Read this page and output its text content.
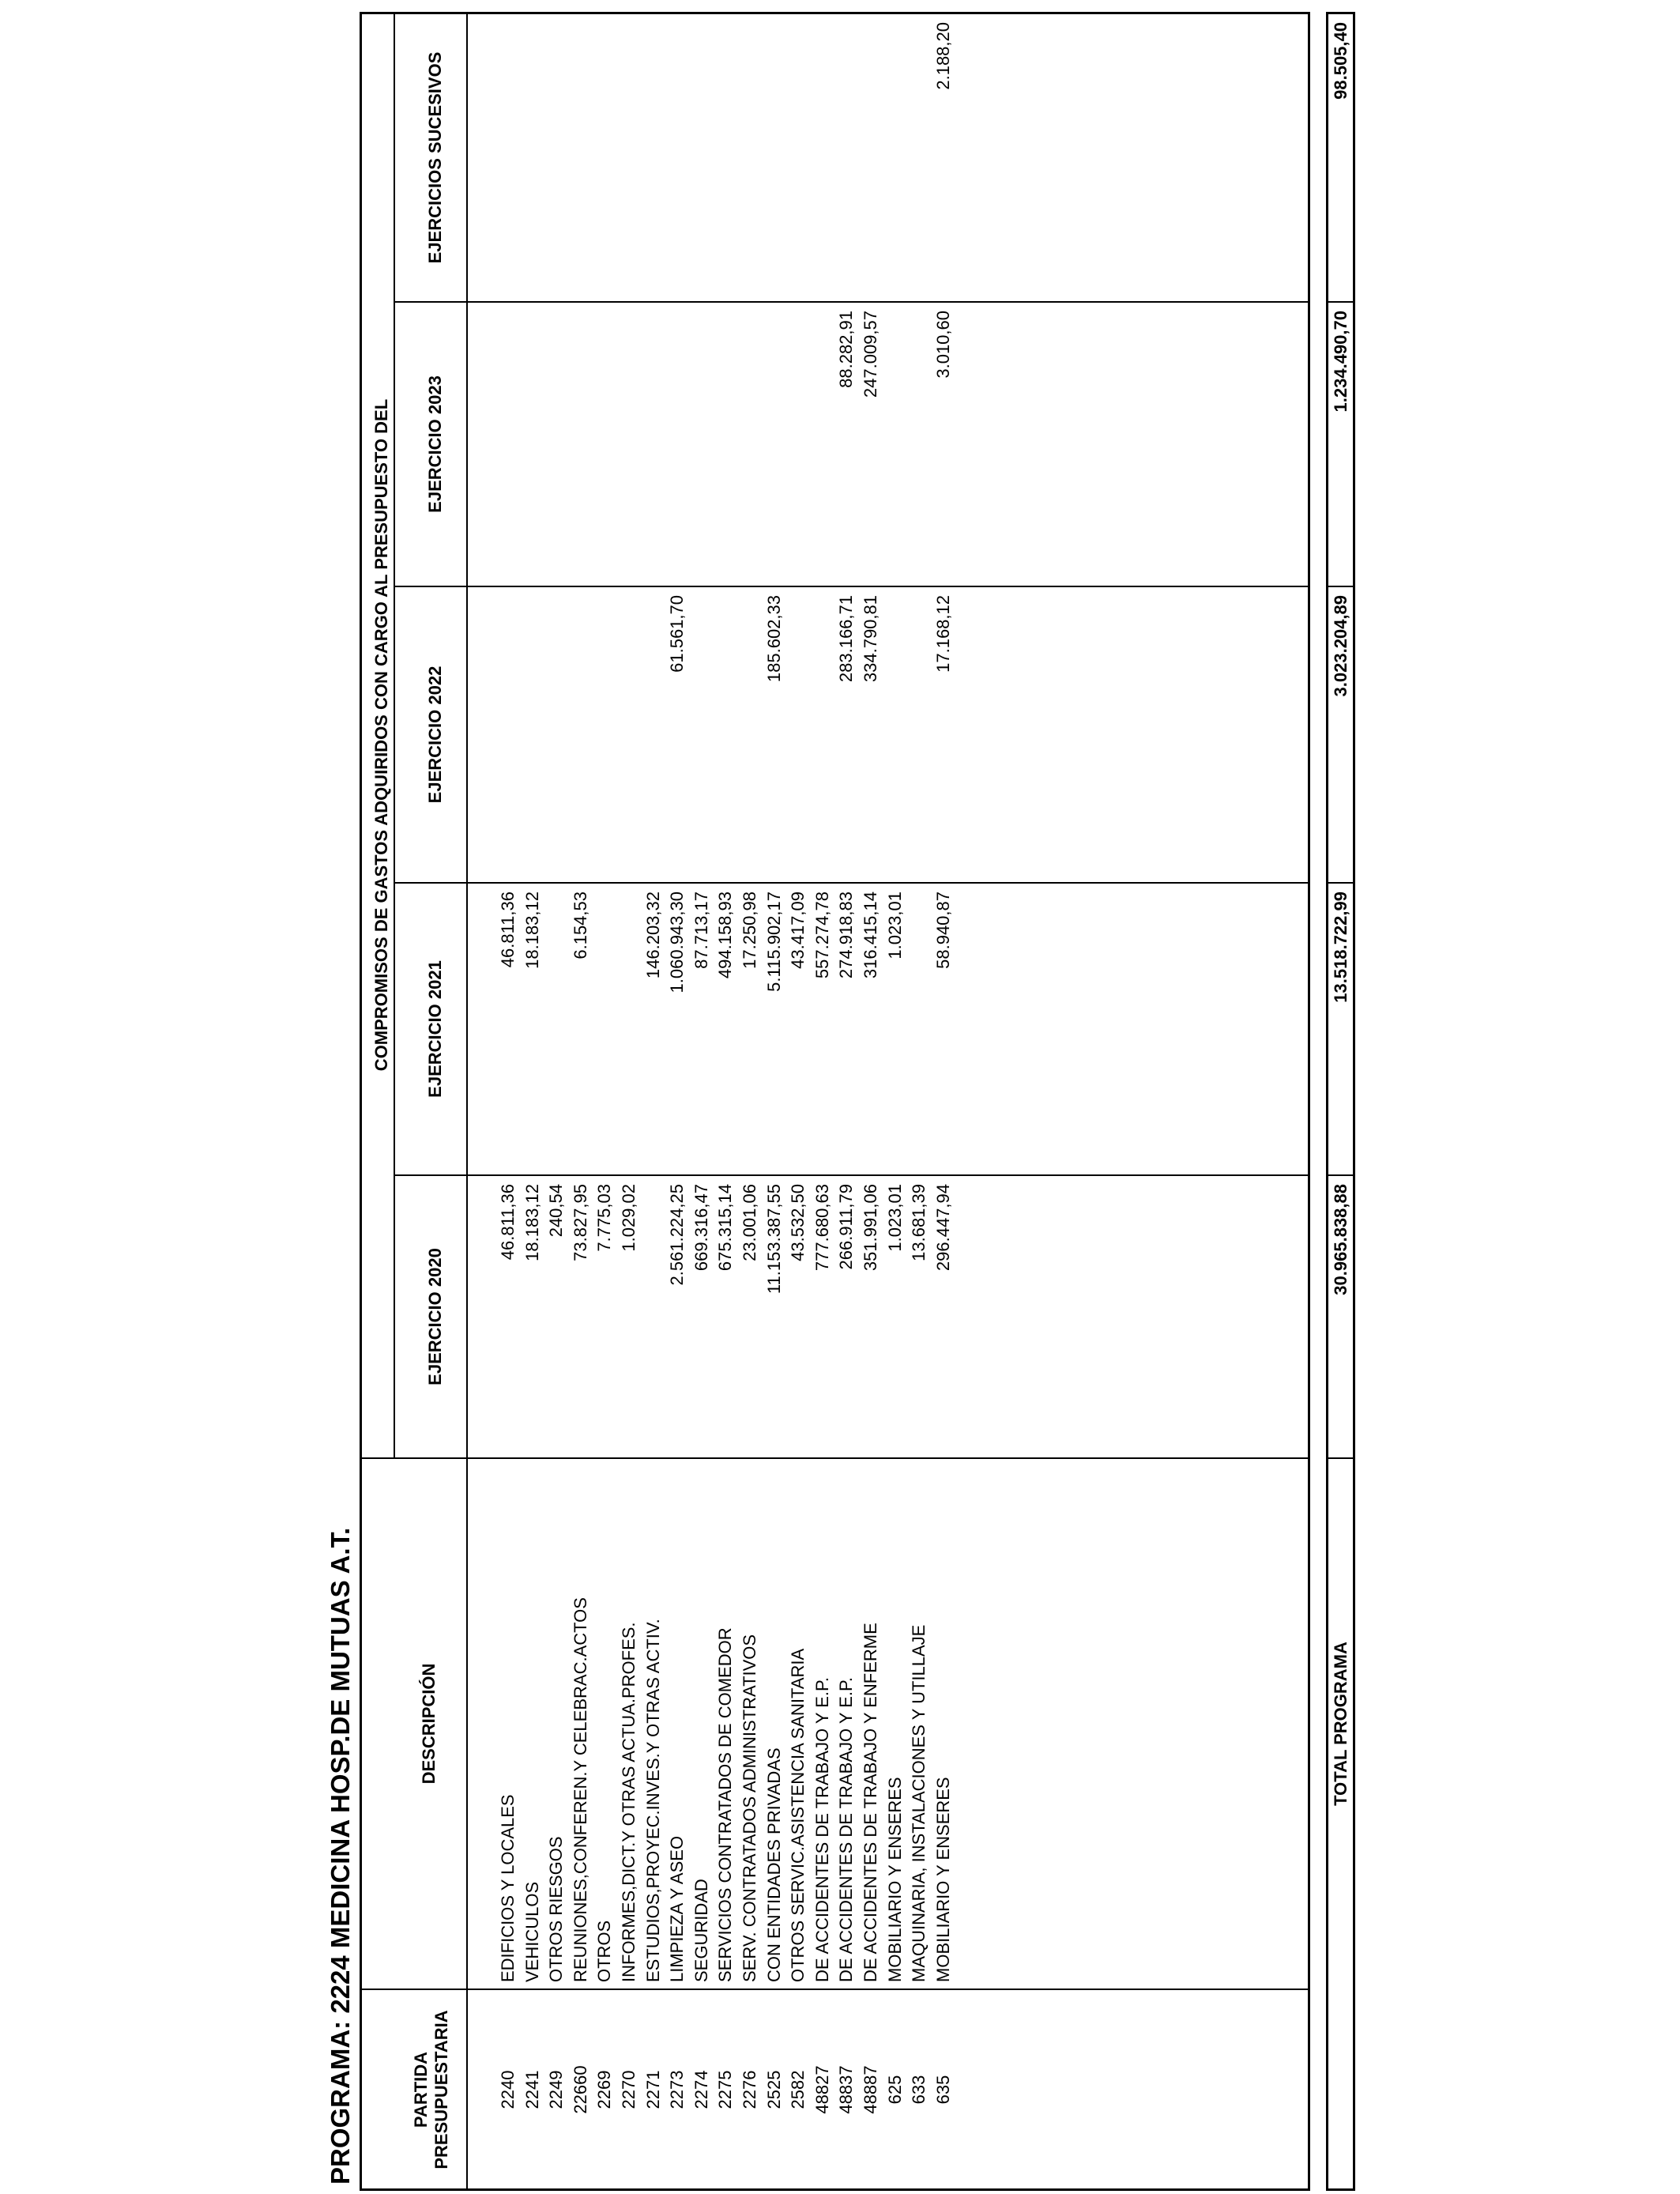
PROGRAMA: 2224 MEDICINA HOSP.DE MUTUAS A.T.	PARTIDA PRESUPUESTARIA
DESCRIPCIÓN
COMPROMISOS DE GASTOS ADQUIRIDOS CON CARGO AL PRESUPUESTO DEL
EJERCICIO 2020
EJERCICIO 2021
EJERCICIO 2022
EJERCICIO 2023
EJERCICIOS SUCESIVOS
2240
EDIFICIOS Y LOCALES
46.811,36
46.811,36
2241
VEHICULOS
18.183,12
18.183,12
2249
OTROS RIESGOS
240,54
22660
REUNIONES,CONFEREN.Y CELEBRAC.ACTOS
73.827,95
6.154,53
2269
OTROS
7.775,03
2270
INFORMES,DICT.Y OTRAS ACTUA.PROFES.
1.029,02
2271
ESTUDIOS,PROYEC.INVES.Y OTRAS ACTIV.
146.203,32
2273
LIMPIEZA Y ASEO
2.561.224,25
1.060.943,30
61.561,70
2274
SEGURIDAD
669.316,47
87.713,17
2275
SERVICIOS CONTRATADOS DE COMEDOR
675.315,14
494.158,93
2276
SERV. CONTRATADOS ADMINISTRATIVOS
23.001,06
17.250,98
2525
CON ENTIDADES PRIVADAS
11.153.387,55
5.115.902,17
185.602,33
2582
OTROS SERVIC.ASISTENCIA SANITARIA
43.532,50
43.417,09
48827
DE ACCIDENTES DE TRABAJO Y E.P.
777.680,63
557.274,78
48837
DE ACCIDENTES DE TRABAJO Y E.P.
266.911,79
274.918,83
283.166,71
88.282,91
48887
DE ACCIDENTES DE TRABAJO Y ENFERME
351.991,06
316.415,14
334.790,81
247.009,57
625
MOBILIARIO Y ENSERES
1.023,01
1.023,01
633
MAQUINARIA, INSTALACIONES Y UTILLAJE
13.681,39
635
MOBILIARIO Y ENSERES
296.447,94
58.940,87
17.168,12
3.010,60
2.188,20
TOTAL PROGRAMA
30.965.838,88
13.518.722,99
3.023.204,89
1.234.490,70
98.505,40
